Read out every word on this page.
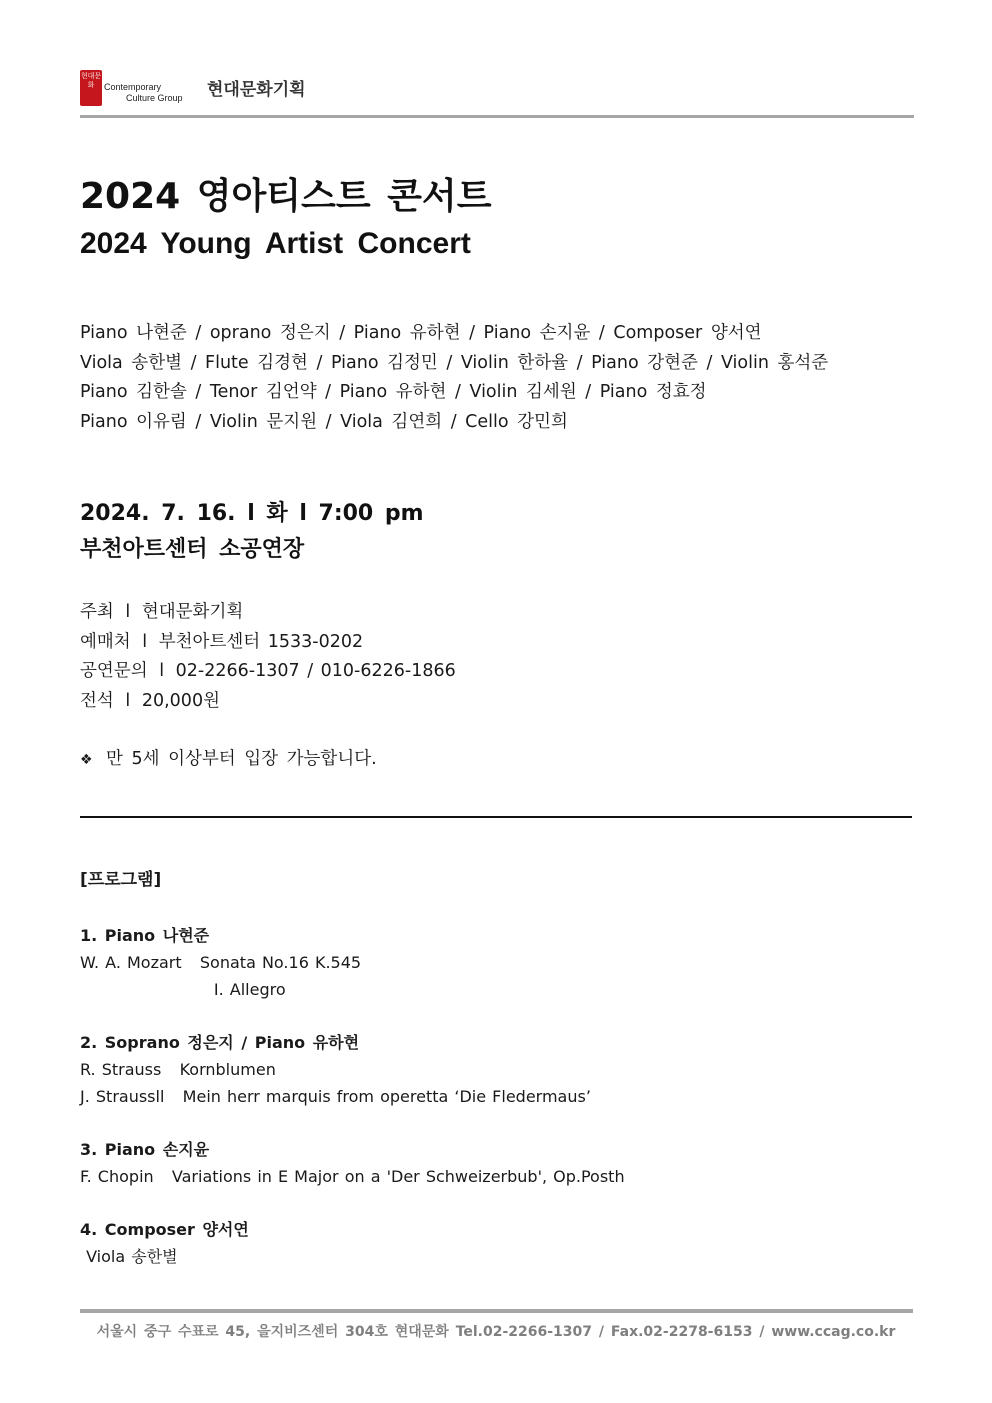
현대문화	Contemporary
Culture Group 현대문화기획
2024 영아티스트 콘서트
2024 Young Artist Concert
Piano 나현준 / oprano 정은지 / Piano 유하현 / Piano 손지윤 / Composer 양서연
Viola 송한별 / Flute 김경현 / Piano 김정민 / Violin 한하율 / Piano 강현준 / Violin 홍석준
Piano 김한솔 / Tenor 김언약 / Piano 유하현 / Violin 김세원 / Piano 정효정
Piano 이유림 / Violin 문지원 / Viola 김연희 / Cello 강민희
2024. 7. 16. l 화 l 7:00 pm
부천아트센터 소공연장
주최 l 현대문화기획
예매처 l 부천아트센터 1533-0202
공연문의 l 02-2266-1307 / 010-6226-1866
전석 l 20,000원
❖ 만 5세 이상부터 입장 가능합니다.
[프로그램]
1. Piano 나현준
W. A. Mozart   Sonata No.16 K.545
I. Allegro
2. Soprano 정은지 / Piano 유하현
R. Strauss   Kornblumen
J. Straussll   Mein herr marquis from operetta ‘Die Fledermaus’
3. Piano 손지윤
F. Chopin   Variations in E Major on a 'Der Schweizerbub', Op.Posth
4. Composer 양서연
Viola 송한별
서울시 중구 수표로 45, 을지비즈센터 304호 현대문화 Tel.02-2266-1307 / Fax.02-2278-6153 / www.ccag.co.kr
